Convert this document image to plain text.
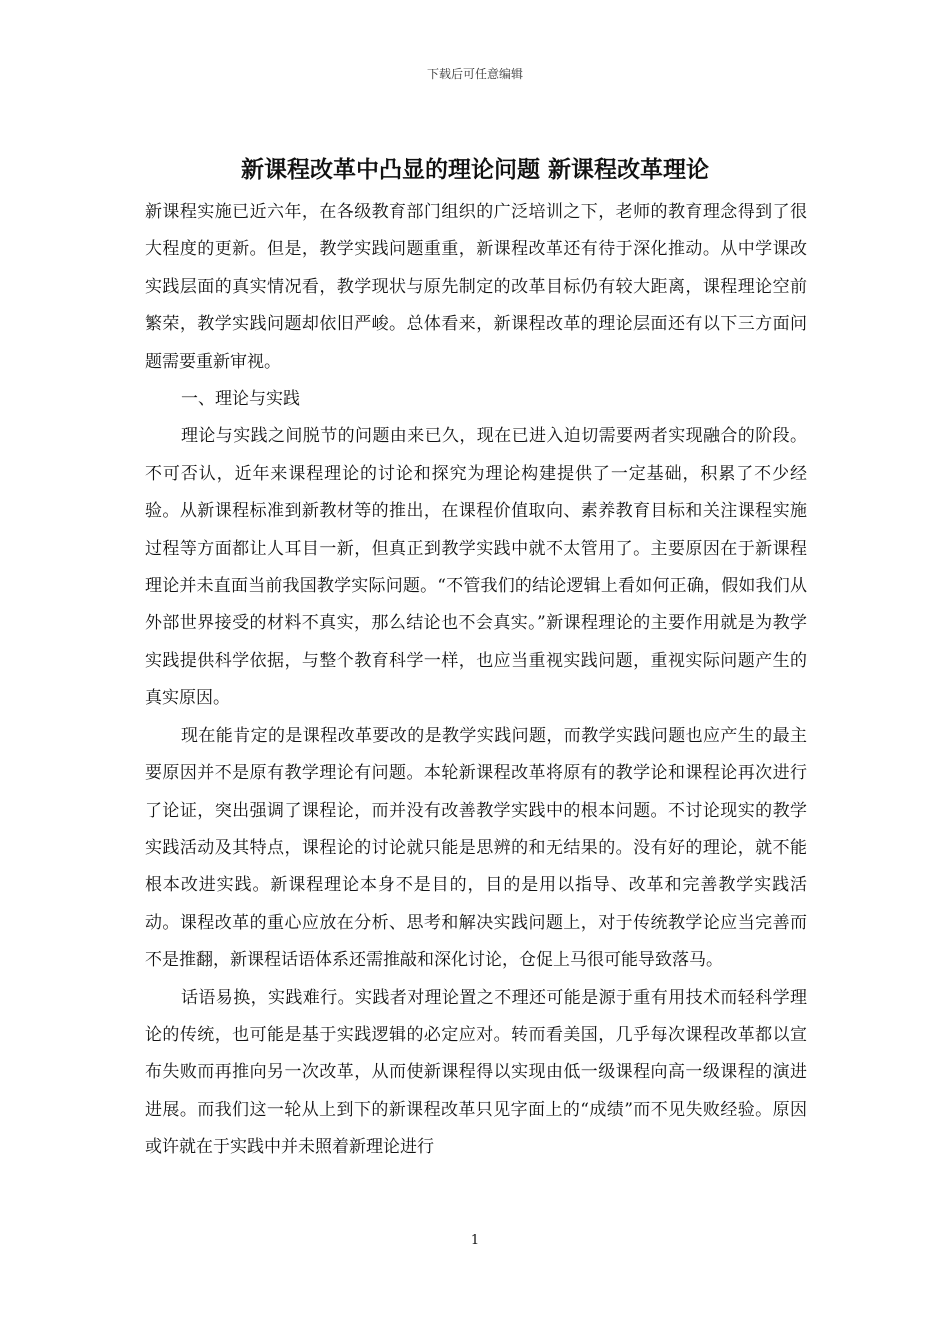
下载后可任意编辑
新课程改革中凸显的理论问题 新课程改革理论

新课程实施已近六年，在各级教育部门组织的广泛培训之下，老师的教育理念得到了很大程度的更新。但是，教学实践问题重重，新课程改革还有待于深化推动。从中学课改实践层面的真实情况看，教学现状与原先制定的改革目标仍有较大距离，课程理论空前繁荣，教学实践问题却依旧严峻。总体看来，新课程改革的理论层面还有以下三方面问题需要重新审视。

一、理论与实践

理论与实践之间脱节的问题由来已久，现在已进入迫切需要两者实现融合的阶段。不可否认，近年来课程理论的讨论和探究为理论构建提供了一定基础，积累了不少经验。从新课程标准到新教材等的推出，在课程价值取向、素养教育目标和关注课程实施过程等方面都让人耳目一新，但真正到教学实践中就不太管用了。主要原因在于新课程理论并未直面当前我国教学实际问题。“不管我们的结论逻辑上看如何正确，假如我们从外部世界接受的材料不真实，那么结论也不会真实。”新课程理论的主要作用就是为教学实践提供科学依据，与整个教育科学一样，也应当重视实践问题，重视实际问题产生的真实原因。

现在能肯定的是课程改革要改的是教学实践问题，而教学实践问题也应产生的最主要原因并不是原有教学理论有问题。本轮新课程改革将原有的教学论和课程论再次进行了论证，突出强调了课程论，而并没有改善教学实践中的根本问题。不讨论现实的教学实践活动及其特点，课程论的讨论就只能是思辨的和无结果的。没有好的理论，就不能根本改进实践。新课程理论本身不是目的，目的是用以指导、改革和完善教学实践活动。课程改革的重心应放在分析、思考和解决实践问题上，对于传统教学论应当完善而不是推翻，新课程话语体系还需推敲和深化讨论，仓促上马很可能导致落马。

话语易换，实践难行。实践者对理论置之不理还可能是源于重有用技术而轻科学理论的传统，也可能是基于实践逻辑的必定应对。转而看美国，几乎每次课程改革都以宣布失败而再推向另一次改革，从而使新课程得以实现由低一级课程向高一级课程的演进进展。而我们这一轮从上到下的新课程改革只见字面上的“成绩”而不见失败经验。原因或许就在于实践中并未照着新理论进行

1
